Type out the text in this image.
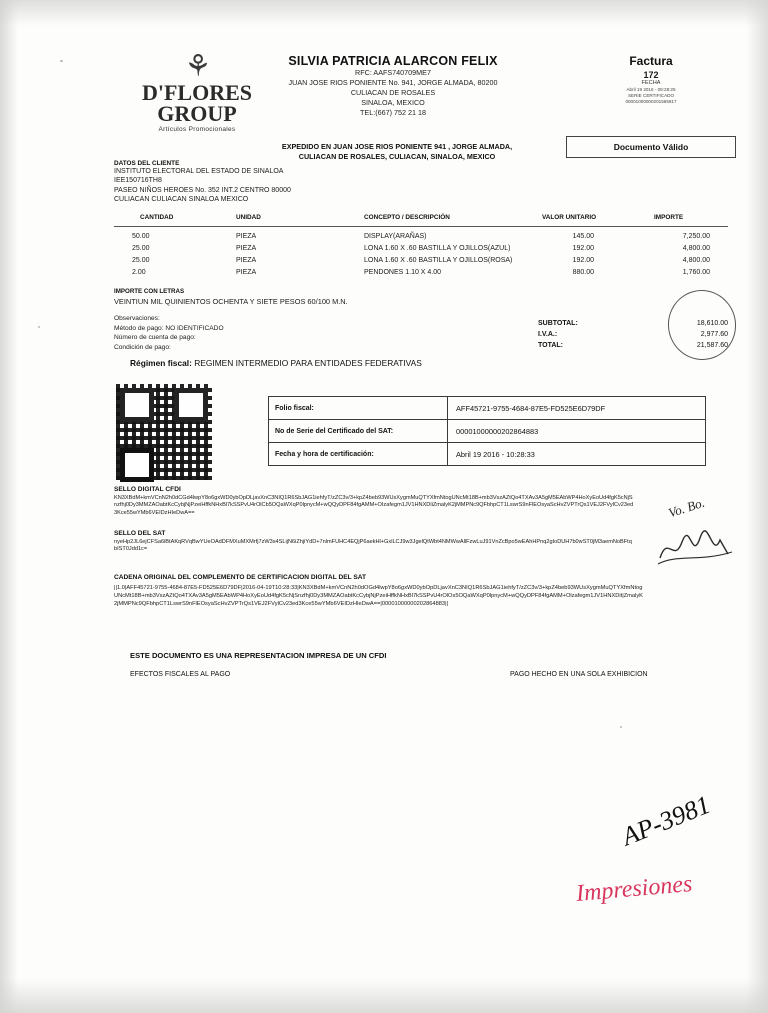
⚘
D'FLORES
GROUP
Artículos Promocionales
SILVIA PATRICIA ALARCON FELIX
RFC: AAFS740709ME7
JUAN JOSE RIOS PONIENTE No. 941, JORGE ALMADA, 80200
CULIACAN DE ROSALES
SINALOA, MEXICO
TEL:(667) 752 21 18
EXPEDIDO EN JUAN JOSE RIOS PONIENTE 941 , JORGE ALMADA,
CULIACAN DE ROSALES, CULIACAN, SINALOA, MEXICO
Factura
172
FECHA
Abril 19 2016 - 09:28:25
SERIE CERTIFICADO
00001000000201565917
Documento Válido
DATOS DEL CLIENTE
INSTITUTO ELECTORAL DEL ESTADO DE SINALOA
IEE150716TH8
PASEO NIÑOS HEROES No. 352 INT.2 CENTRO 80000
CULIACAN CULIACAN SINALOA MEXICO
CANTIDAD	UNIDAD	CONCEPTO / DESCRIPCIÓN	VALOR UNITARIO	IMPORTE
50.00	PIEZA	DISPLAY(ARAÑAS)	145.00	7,250.00
25.00	PIEZA	LONA 1.60 X .60 BASTILLA Y OJILLOS(AZUL)	192.00	4,800.00
25.00	PIEZA	LONA 1.60 X .60 BASTILLA Y OJILLOS(ROSA)	192.00	4,800.00
2.00	PIEZA	PENDONES 1.10 X 4.00	880.00	1,760.00
IMPORTE CON LETRAS
VEINTIUN MIL QUINIENTOS OCHENTA Y SIETE PESOS 60/100 M.N.
Observaciones:
Método de pago: NO IDENTIFICADO
Número de cuenta de pago:
Condición de pago:
SUBTOTAL:	18,610.00
I.V.A.:	2,977.60
TOTAL:	21,587.60
Régimen fiscal: REGIMEN INTERMEDIO PARA ENTIDADES FEDERATIVAS
Folio fiscal:	AFF45721-9755-4684-87E5-FD525E6D79DF
No de Serie del Certificado del SAT:	00001000000202864883
Fecha y hora de certificación:	Abril 19 2016 - 10:28:33
SELLO DIGITAL CFDI
KN3XBdM+kmVCnN2h0dCGd4lwpY8o6gxWD0ybOpDLjavXnC3NIQ1R6SbJAG1iehfyT/zZC3v/3+kpZ4beb93WUsXygmMuQTYXfmNtogUNcMt18B+mb3VszAZtQo4TXAv3A5gM5EAbWP4HoXyEoUd4fgK5cNjSnzfhj0Dy3MMZAOabtKcCybjNjPzeiHffkNHxBl7kSSPvU4rOlCb5OQaWXqP0lpnycM+wQQyDPF84fgAMM+OIzafegm1JV1HNXDliZmalyK2jMMPNc9QFbhpCT1LswrS9nFlEOsyaScHvZVPTrQs1VEJ2FVylCv23ed3Kce55wYMb6VEIDzHIeDwA==
SELLO DEL SAT
nyeHp2JL6ejCFSa6iBtAKqRVqBwYUeOAdDFMXuMXMrfj7zW3s4SLijN6iZhjiYdD+7nlmFUHC4EQjP6aekHl+GxlLCJ9w3JgelQtWbt4NMWwAllFzwLuJ91VnZcBpo5wEAhHPnq2gIoDUH7b0wST0jM3aemNoBFtqbIST0Jdd1c=
CADENA ORIGINAL DEL COMPLEMENTO DE CERTIFICACION DIGITAL DEL SAT
||1.0|AFF45721-9755-4684-87E5-FD525E6D79DF|2016-04-19T10:28:33|KN3XBdM+kmVCnN2h0dOGd4lwpY8o6gxWD0ybOpDLjavXnC3NIQ1R6SbJAG1iehfyT/zZC3v/3+kpZ4beb93WUsXygmMuQTYXfmNtogUNcMt18B+mb3VszAZtQo4TXAv3A5gM5EAbWP4HoXyEoUd4fgK5cNjSnzfhj0Dy3MMZAOabtKcCybjNjPzeiHffkNHxBl7kSSPvU4rOlOs5OQaWXqP0lpnycM+wQQyDPF84fgAMM+Olzafegm1JV1HNXDit|ZmalyK2jMMPNc9QFbhpCT1LswrS9nFlEOsyaScHvZVPTrQs1VEJ2FVylCv23ed3Kce55wYMb6VEIDzHIeDwA==|00001000000202864883||
ESTE DOCUMENTO ES UNA REPRESENTACION IMPRESA DE UN CFDI
EFECTOS FISCALES AL PAGO	PAGO HECHO EN UNA SOLA EXHIBICION
Vo. Bo.
AP-3981
Impresiones
